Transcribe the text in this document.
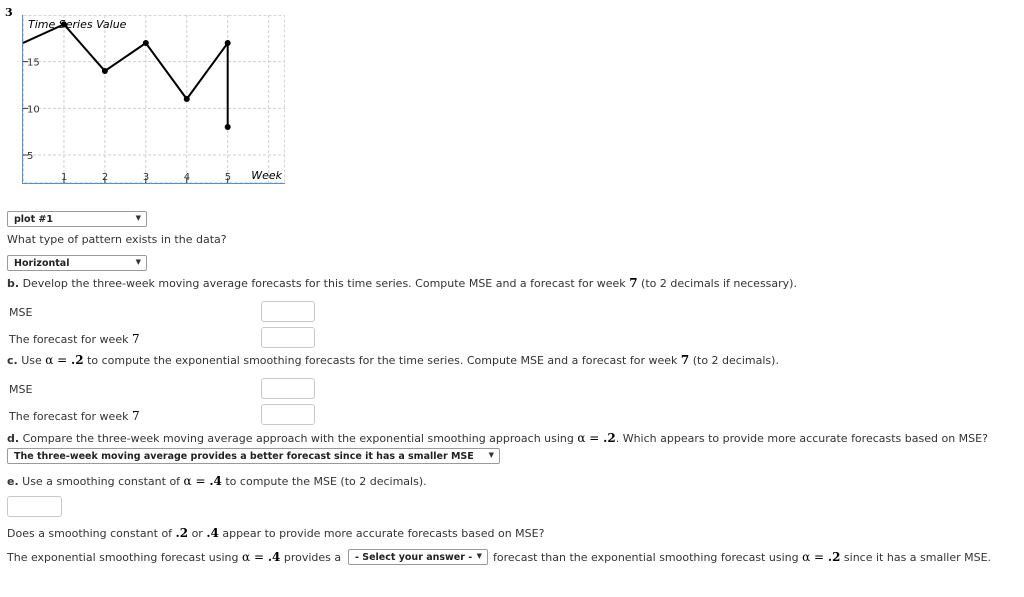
3
5
10
15
1	2	3	4	5
Time Series Value
Week
plot #1	▼
What type of pattern exists in the data?
Horizontal	▼
b. Develop the three-week moving average forecasts for this time series. Compute MSE and a forecast for week 7 (to 2 decimals if necessary).
MSE
The forecast for week 7
c. Use α = .2 to compute the exponential smoothing forecasts for the time series. Compute MSE and a forecast for week 7 (to 2 decimals).
MSE
The forecast for week 7
d. Compare the three-week moving average approach with the exponential smoothing approach using α = .2. Which appears to provide more accurate forecasts based on MSE?
The three-week moving average provides a better forecast since it has a smaller MSE ▼
e. Use a smoothing constant of α = .4 to compute the MSE (to 2 decimals).
Does a smoothing constant of .2 or .4 appear to provide more accurate forecasts based on MSE?
The exponential smoothing forecast using α = .4 provides a	- Select your answer - ▼ forecast than the exponential smoothing forecast using α = .2 since it has a smaller MSE.
